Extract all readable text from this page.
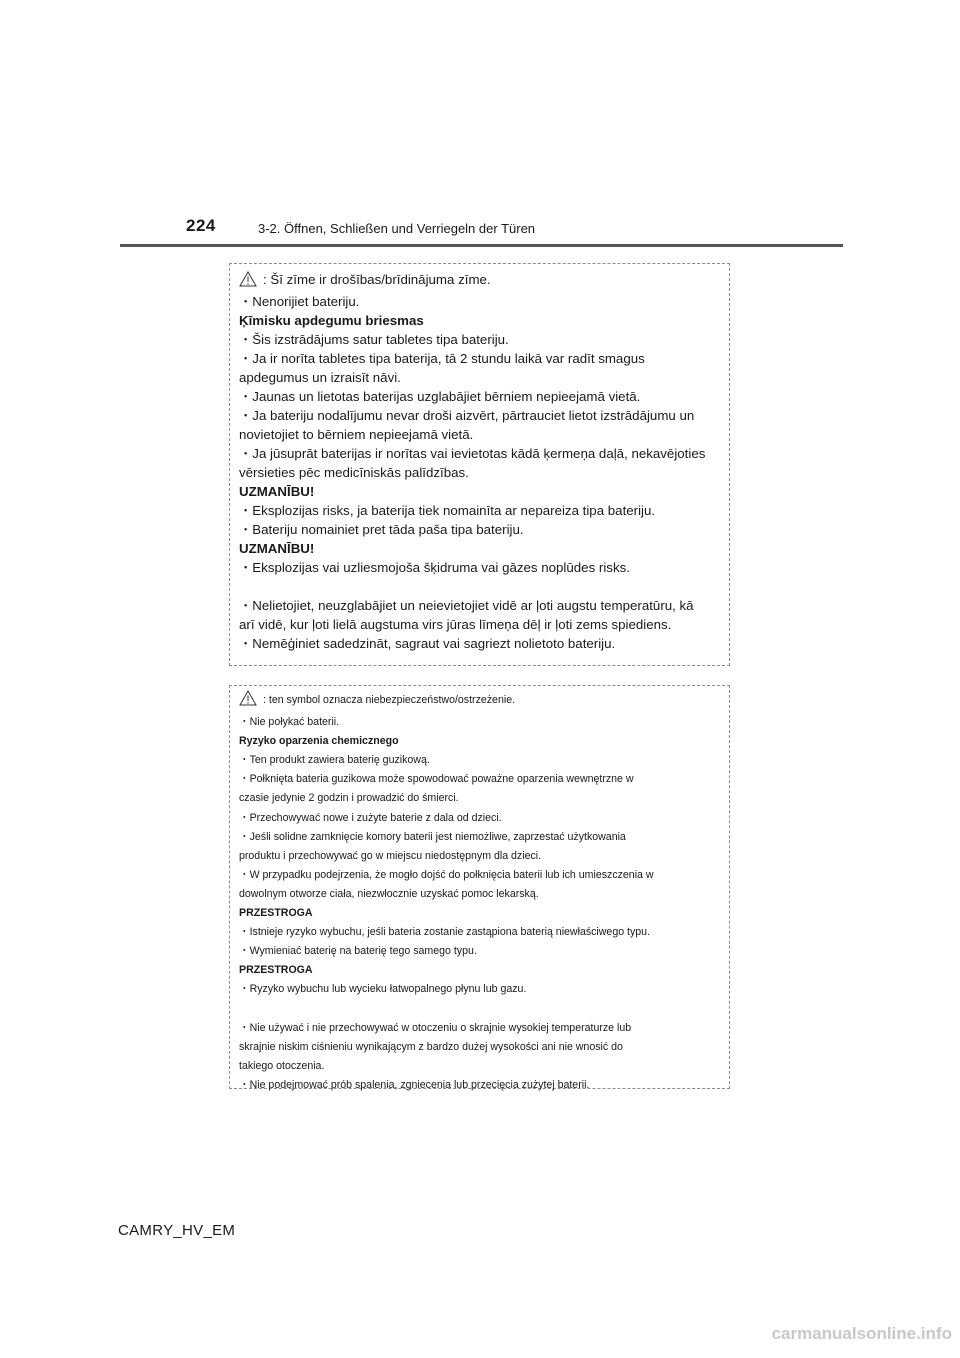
224	3-2. Öffnen, Schließen und Verriegeln der Türen
: Šī zīme ir drošības/brīdinājuma zīme.
・Nenorijiet bateriju.
Ķīmisku apdegumu briesmas
・Šis izstrādājums satur tabletes tipa bateriju.
・Ja ir norīta tabletes tipa baterija, tā 2 stundu laikā var radīt smagus
apdegumus un izraisīt nāvi.
・Jaunas un lietotas baterijas uzglabājiet bērniem nepieejamā vietā.
・Ja bateriju nodalījumu nevar droši aizvērt, pārtrauciet lietot izstrādājumu un
novietojiet to bērniem nepieejamā vietā.
・Ja jūsuprāt baterijas ir norītas vai ievietotas kādā ķermeņa daļā, nekavējoties
vērsieties pēc medicīniskās palīdzības.
UZMANĪBU!
・Eksplozijas risks, ja baterija tiek nomainīta ar nepareiza tipa bateriju.
・Bateriju nomainiet pret tāda paša tipa bateriju.
UZMANĪBU!
・Eksplozijas vai uzliesmojoša šķidruma vai gāzes noplūdes risks.
・Nelietojiet, neuzglabājiet un neievietojiet vidē ar ļoti augstu temperatūru, kā
arī vidē, kur ļoti lielā augstuma virs jūras līmeņa dēļ ir ļoti zems spiediens.
・Nemēģiniet sadedzināt, sagraut vai sagriezt nolietoto bateriju.
: ten symbol oznacza niebezpieczeństwo/ostrzeżenie.
・Nie połykać baterii.
Ryzyko oparzenia chemicznego
・Ten produkt zawiera baterię guzikową.
・Połknięta bateria guzikowa może spowodować poważne oparzenia wewnętrzne w
czasie jedynie 2 godzin i prowadzić do śmierci.
・Przechowywać nowe i zużyte baterie z dala od dzieci.
・Jeśli solidne zamknięcie komory baterii jest niemożliwe, zaprzestać użytkowania
produktu i przechowywać go w miejscu niedostępnym dla dzieci.
・W przypadku podejrzenia, że mogło dojść do połknięcia baterii lub ich umieszczenia w
dowolnym otworze ciała, niezwłocznie uzyskać pomoc lekarską.
PRZESTROGA
・Istnieje ryzyko wybuchu, jeśli bateria zostanie zastąpiona baterią niewłaściwego typu.
・Wymieniać baterię na baterię tego samego typu.
PRZESTROGA
・Ryzyko wybuchu lub wycieku łatwopalnego płynu lub gazu.
・Nie używać i nie przechowywać w otoczeniu o skrajnie wysokiej temperaturze lub
skrajnie niskim ciśnieniu wynikającym z bardzo dużej wysokości ani nie wnosić do
takiego otoczenia.
・Nie podejmować prób spalenia, zgniecenia lub przecięcia zużytej baterii.
CAMRY_HV_EM
carmanualsonline.info
